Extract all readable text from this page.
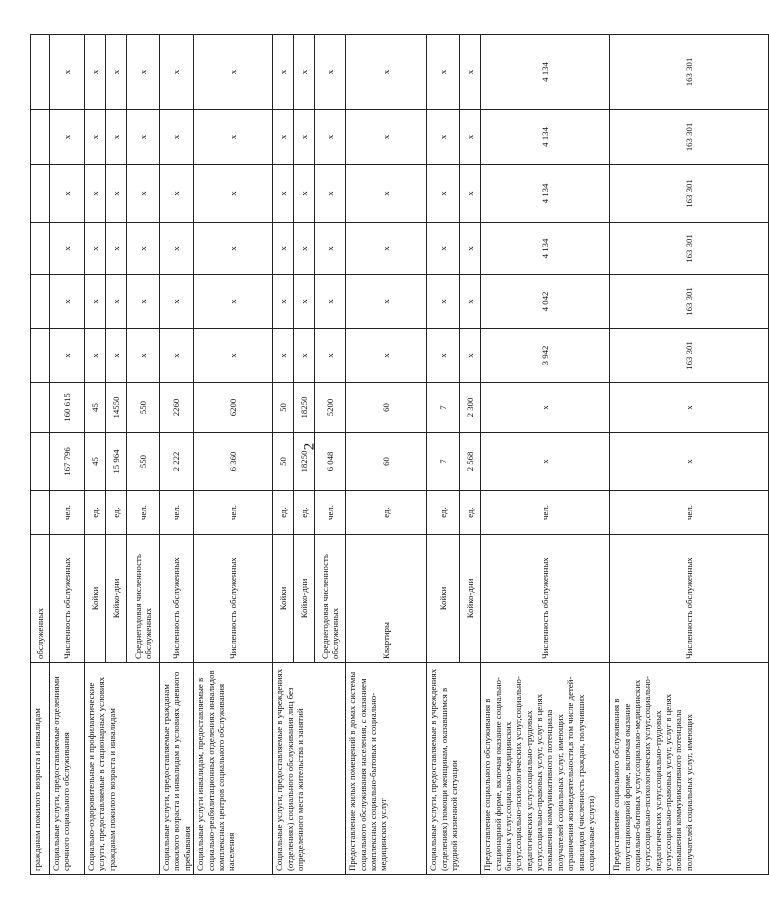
2
гражданам пожилого возраста и инвалидам	обслуженных									
Социальные услуги, предоставляемые отделениями срочного социального обслуживания	Численность обслуженных	чел.	167 796	160 615	х	х	х	х	х	х
Социально-оздоровительные и профилактические услуги, предоставляемые в стационарных условиях гражданам пожилого возраста и инвалидам	Койки	ед.	45	45	х	х	х	х	х	х
	Койко-дни	ед.	15 964	14550	х	х	х	х	х	х
	Среднегодовая численность обслуженных	чел.	550	550	х	х	х	х	х	х
Социальные услуги, предоставляемые гражданам пожилого возраста и инвалидам в условиях дневного пребывания	Численность обслуженных	чел.	2 222	2260	х	х	х	х	х	х
Социальные услуги инвалидам, предоставляемые в социально-реабилитационных отделениях инвалидов комплексных центров социального обслуживания населения	Численность обслуженных	чел.	6 360	6200	х	х	х	х	х	х
Социальные услуги, предоставляемые в учреждениях (отделениях) социального обслуживания лиц без определенного места жительства и занятий	Койки	ед.	50	50	х	х	х	х	х	х
	Койко-дни	ед.	18250	18250	х	х	х	х	х	х
	Среднегодовая численность обслуженных	чел.	6 048	5200	х	х	х	х	х	х
Предоставление жилых помещений в домах системы социального обслуживания населения, с оказанием комплексных социально-бытовых и социально-медицинских услуг	Квартиры	ед.	60	60	х	х	х	х	х	х
Социальные услуги, предоставляемые в учреждениях (отделениях) помощи женщинам, оказавшимся в трудной жизненной ситуации	Койки	ед.	7	7	х	х	х	х	х	х
	Койко-дни	ед.	2 568	2 300	х	х	х	х	х	х
Предоставление социального обслуживания в стационарной форме, включая оказание социально-бытовых услуг,социально-медицинских услуг,социально-психологических услуг,социально-педагогических услуг,социально-трудовых услуг,социально-правовых услуг, услуг в целях повышения коммуникативного потенциала получателей социальных услуг, имеющих ограничения жизнедеятельности,в том числе детей-инвалидов (численность граждан, получивших социальные услуги)	Численность обслуженных	чел.	х	х	3 942	4 042	4 134	4 134	4 134	4 134
Предоставление социального обслуживания в полустационарной форме, включая оказание социально-бытовых услуг,социально-медицинских услуг,социально-психологических услуг,социально-педагогических услуг,социально-трудовых услуг,социально-правовых услуг, услуг в целях повышения коммуникативного потенциала получателей социальных услуг, имеющих	Численность обслуженных	чел.	х	х	163 301	163 301	163 301	163 301	163 301	163 301
